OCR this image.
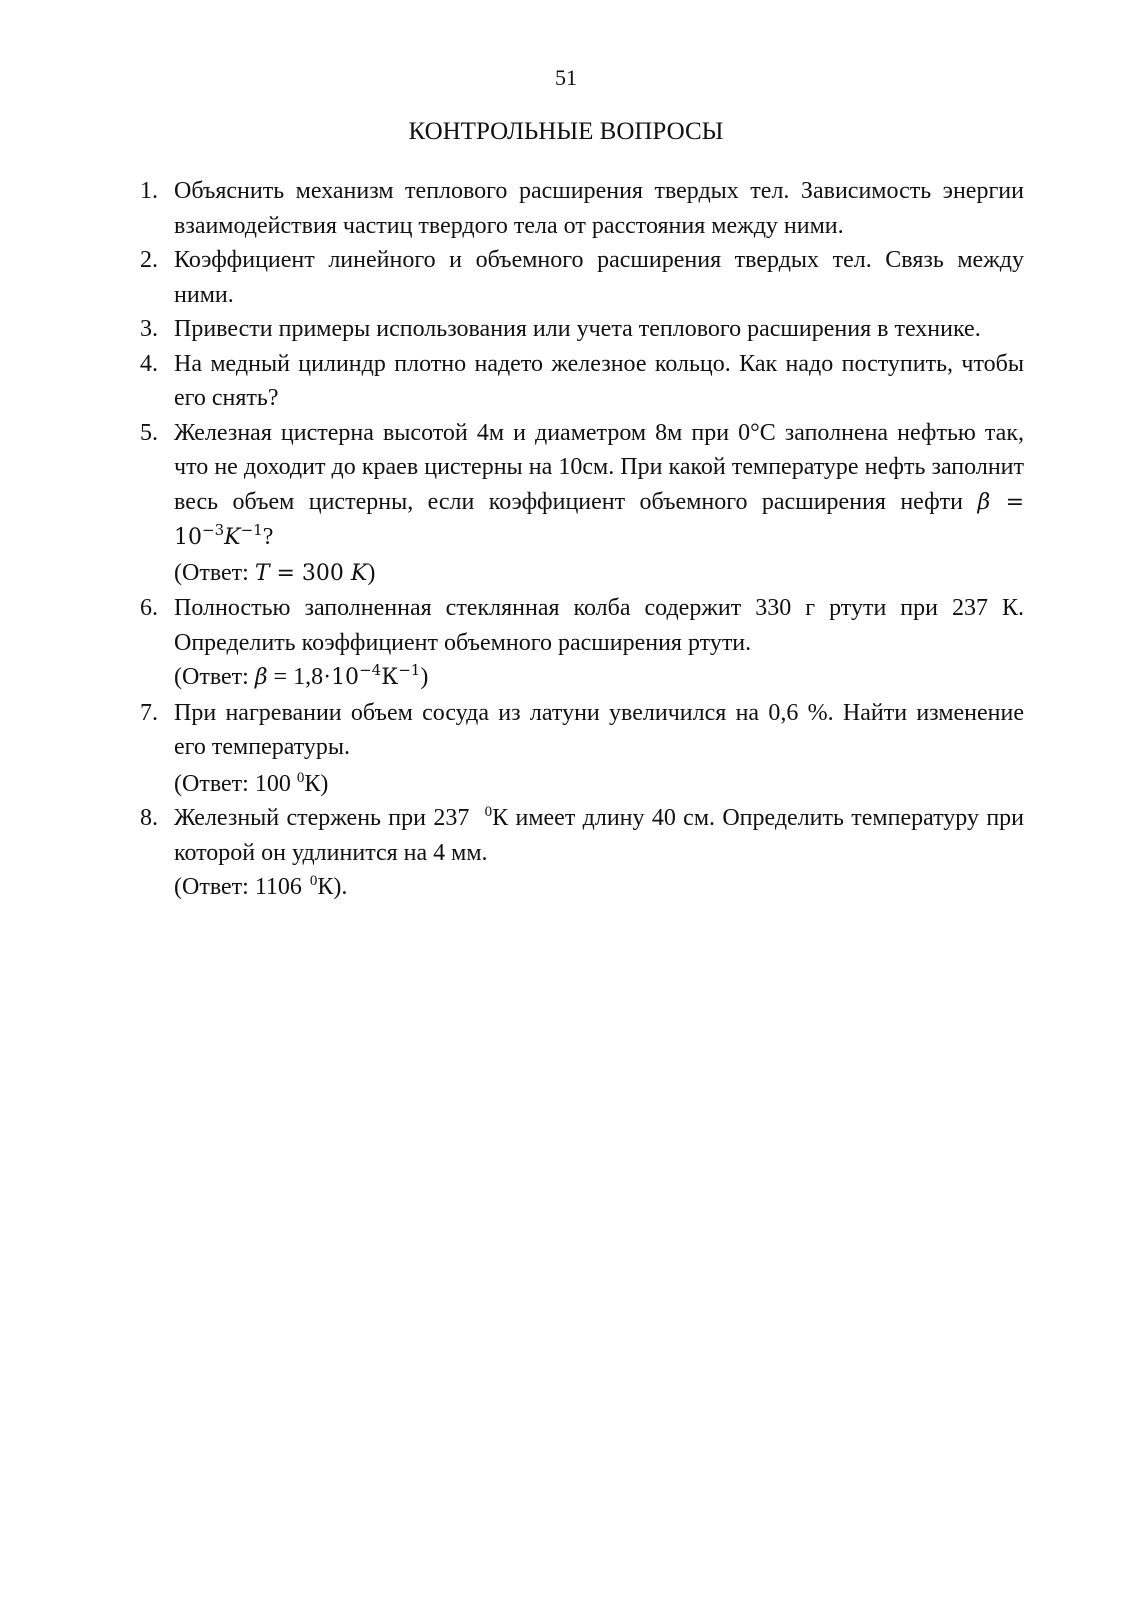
51
КОНТРОЛЬНЫЕ ВОПРОСЫ
1. Объяснить механизм теплового расширения твердых тел. Зависимость энергии взаимодействия частиц твердого тела от расстояния между ними.

2. Коэффициент линейного и объемного расширения твердых тел. Связь между ними.

3. Привести примеры использования или учета теплового расширения в технике.

4. На медный цилиндр плотно надето железное кольцо. Как надо поступить, чтобы его снять?

5. Железная цистерна высотой 4м и диаметром 8м при 0°С заполнена нефтью так, что не доходит до краев цистерны на 10см. При какой температуре нефть заполнит весь объем цистерны, если коэффициент объемного расширения нефти $\beta = 10^{-3}K^{-1}$?

(Ответ: T = 300 K)

6. Полностью заполненная стеклянная колба содержит 330 г ртути при 237 К. Определить коэффициент объемного расширения ртути.

(Ответ: $\beta = 1,8\cdot 10^{-4}К^{-1}$)

7. При нагревании объем сосуда из латуни увеличился на 0,6 %. Найти изменение его температуры.

(Ответ: 100 $^0$К)

8. Железный стержень при 237 $^0$К имеет длину 40 см. Определить температуру при которой он удлинится на 4 мм.

(Ответ: 1106 $^0$К).
